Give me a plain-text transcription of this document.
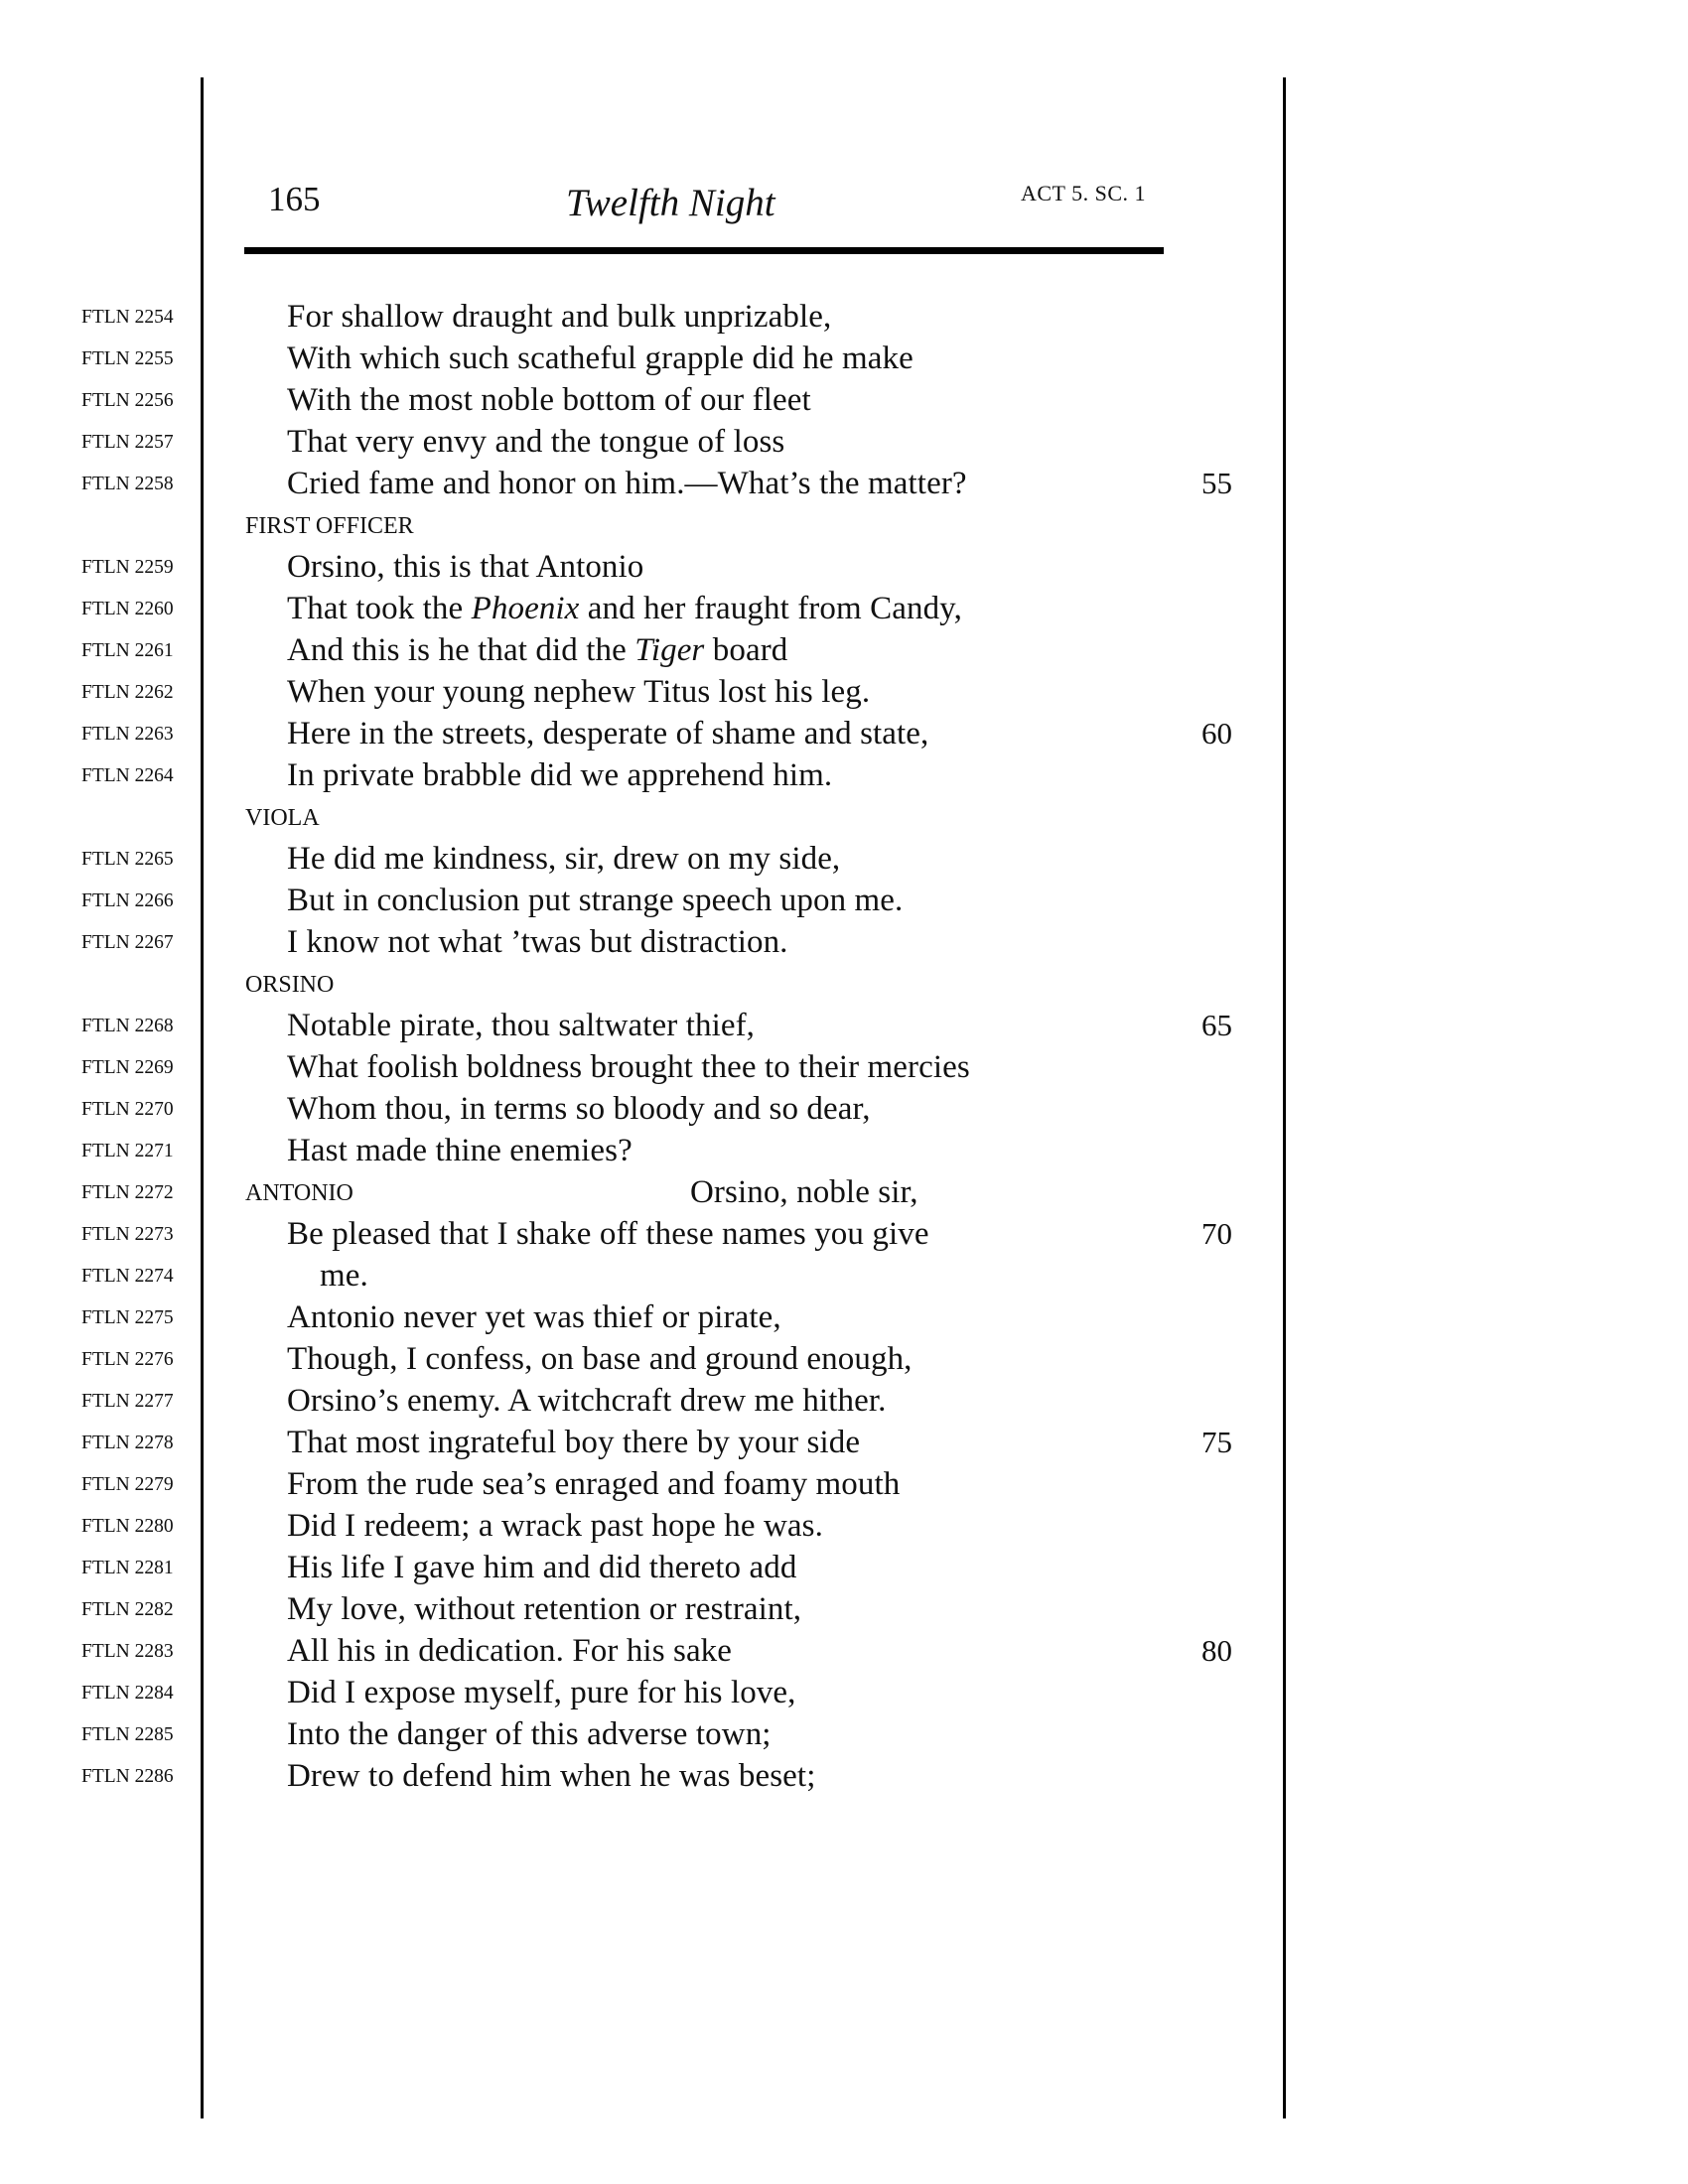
165	Twelfth Night	ACT 5. SC. 1
FTLN 2254	For shallow draught and bulk unprizable,
FTLN 2255	With which such scatheful grapple did he make
FTLN 2256	With the most noble bottom of our fleet
FTLN 2257	That very envy and the tongue of loss
FTLN 2258	Cried fame and honor on him.—What’s the matter?	55
FIRST OFFICER
FTLN 2259	Orsino, this is that Antonio
FTLN 2260	That took the Phoenix and her fraught from Candy,
FTLN 2261	And this is he that did the Tiger board
FTLN 2262	When your young nephew Titus lost his leg.
FTLN 2263	Here in the streets, desperate of shame and state,	60
FTLN 2264	In private brabble did we apprehend him.
VIOLA
FTLN 2265	He did me kindness, sir, drew on my side,
FTLN 2266	But in conclusion put strange speech upon me.
FTLN 2267	I know not what ’twas but distraction.
ORSINO
FTLN 2268	Notable pirate, thou saltwater thief,	65
FTLN 2269	What foolish boldness brought thee to their mercies
FTLN 2270	Whom thou, in terms so bloody and so dear,
FTLN 2271	Hast made thine enemies?
FTLN 2272	ANTONIO	Orsino, noble sir,
FTLN 2273	Be pleased that I shake off these names you give	70
FTLN 2274	me.
FTLN 2275	Antonio never yet was thief or pirate,
FTLN 2276	Though, I confess, on base and ground enough,
FTLN 2277	Orsino’s enemy. A witchcraft drew me hither.
FTLN 2278	That most ingrateful boy there by your side	75
FTLN 2279	From the rude sea’s enraged and foamy mouth
FTLN 2280	Did I redeem; a wrack past hope he was.
FTLN 2281	His life I gave him and did thereto add
FTLN 2282	My love, without retention or restraint,
FTLN 2283	All his in dedication. For his sake	80
FTLN 2284	Did I expose myself, pure for his love,
FTLN 2285	Into the danger of this adverse town;
FTLN 2286	Drew to defend him when he was beset;
